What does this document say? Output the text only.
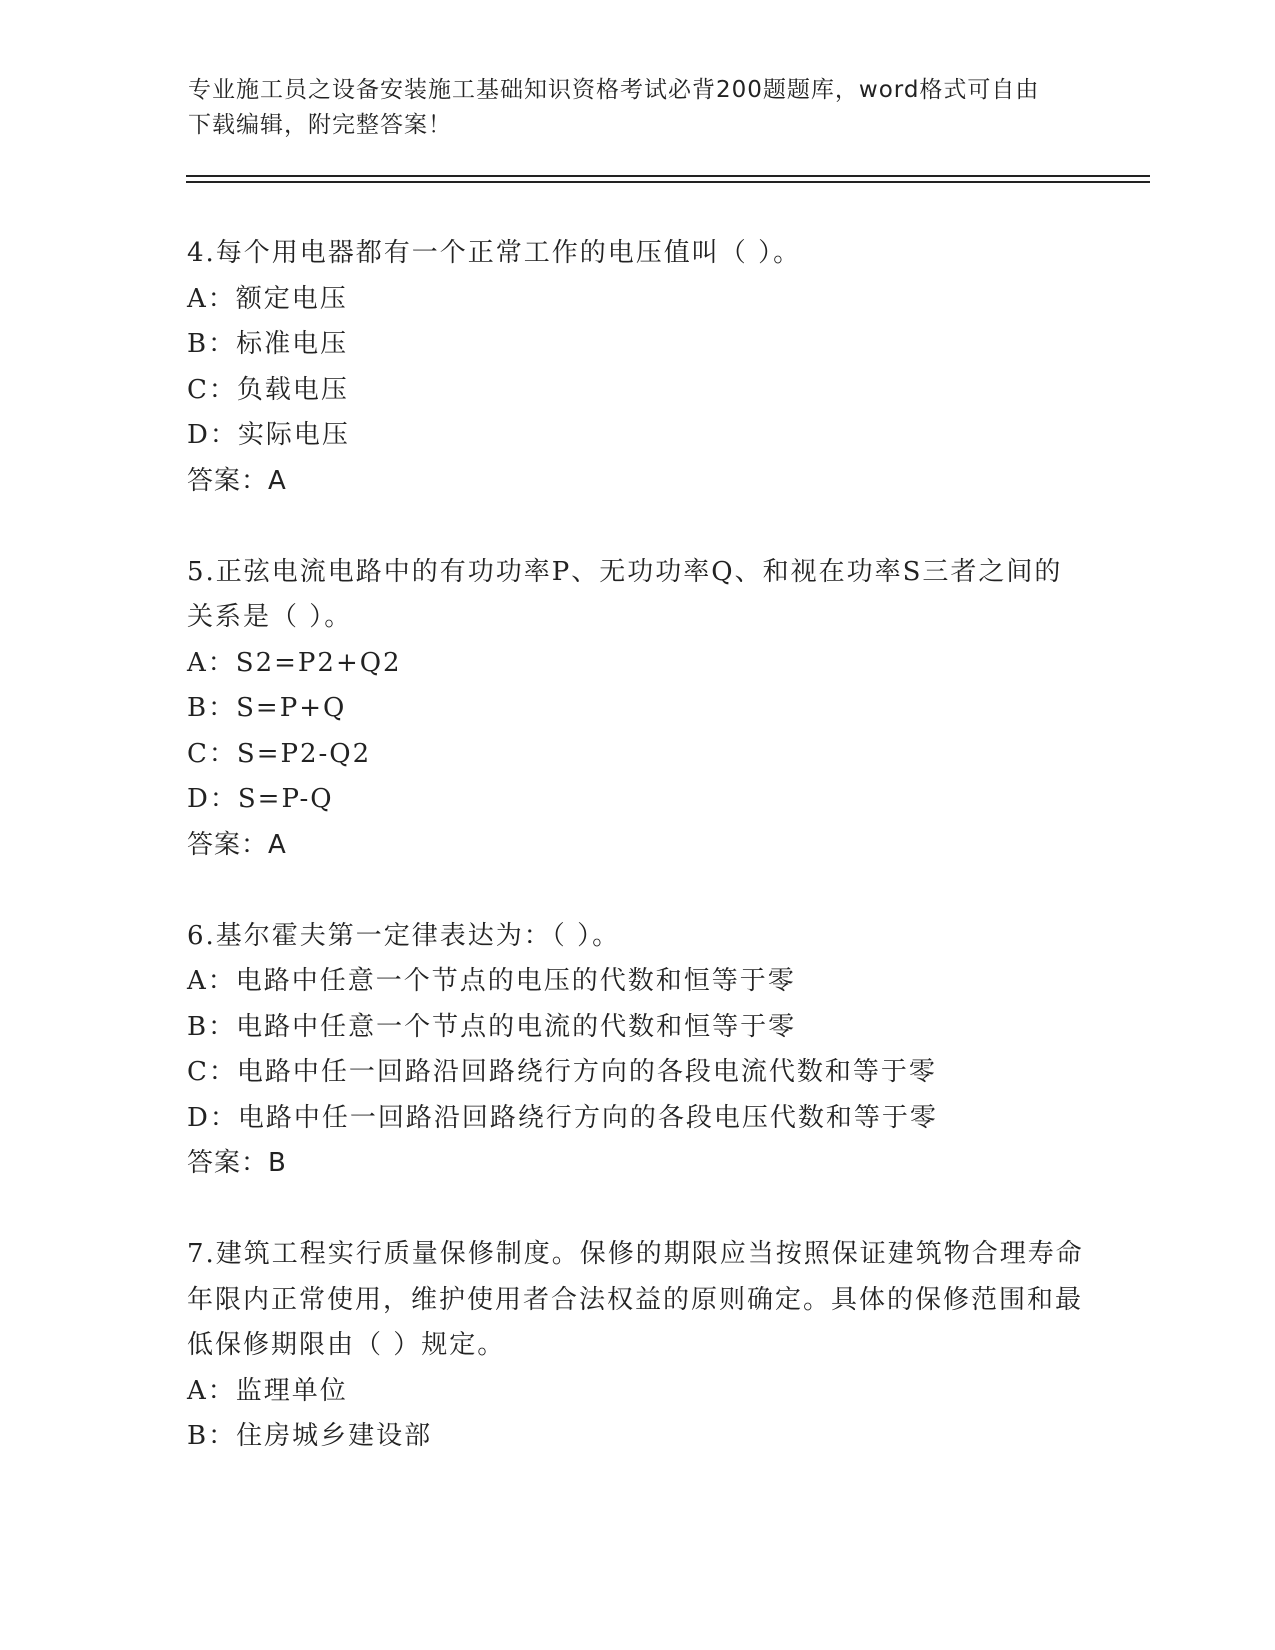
专业施工员之设备安装施工基础知识资格考试必背200题题库，word格式可自由
下载编辑，附完整答案！
4.每个用电器都有一个正常工作的电压值叫（ ）。
A：额定电压
B：标准电压
C：负载电压
D：实际电压
答案：A
5.正弦电流电路中的有功功率P、无功功率Q、和视在功率S三者之间的关系是（ ）。
A：S2=P2+Q2
B：S=P+Q
C：S=P2-Q2
D：S=P-Q
答案：A
6.基尔霍夫第一定律表达为：（ ）。
A：电路中任意一个节点的电压的代数和恒等于零
B：电路中任意一个节点的电流的代数和恒等于零
C：电路中任一回路沿回路绕行方向的各段电流代数和等于零
D：电路中任一回路沿回路绕行方向的各段电压代数和等于零
答案：B
7.建筑工程实行质量保修制度。保修的期限应当按照保证建筑物合理寿命年限内正常使用，维护使用者合法权益的原则确定。具体的保修范围和最低保修期限由（ ）规定。
A：监理单位
B：住房城乡建设部
